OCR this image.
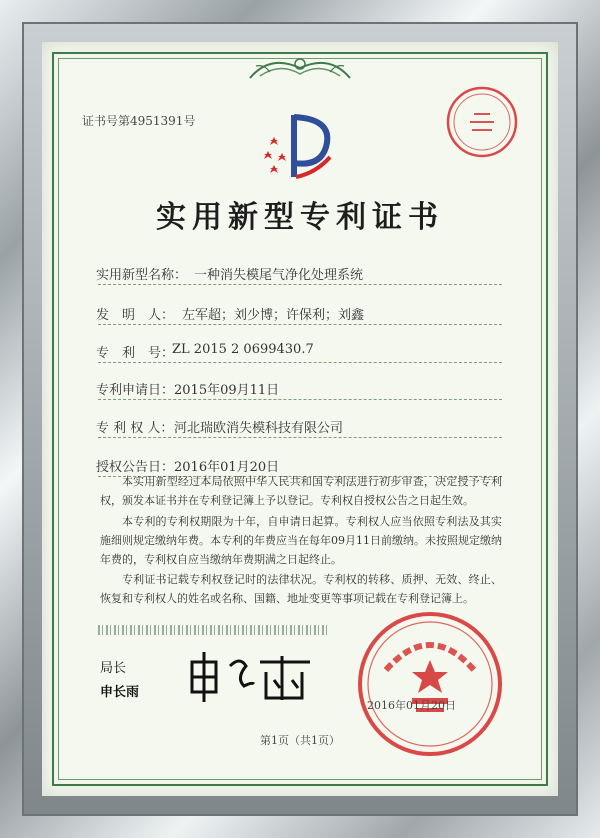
证书号第4951391号
实用新型专利证书
实用新型名称： 一种消失模尾气净化处理系统
发　明　人： 左军超；刘少博；许保利；刘鑫
专　利　号：
ZL 2015 2 0699430.7
专利申请日： 2015年09月11日
专 利 权 人： 河北瑞欧消失模科技有限公司
授权公告日： 2016年01月20日

本实用新型经过本局依照中华人民共和国专利法进行初步审查，决定授予专利权，颁发本证书并在专利登记簿上予以登记。专利权自授权公告之日起生效。

本专利的专利权期限为十年，自申请日起算。专利权人应当依照专利法及其实施细则规定缴纳年费。本专利的年费应当在每年09月11日前缴纳。未按照规定缴纳年费的，专利权自应当缴纳年费期满之日起终止。

专利证书记载专利权登记时的法律状况。专利权的转移、质押、无效、终止、恢复和专利权人的姓名或名称、国籍、地址变更等事项记载在专利登记簿上。

局长
申长雨
2016年01月20日
第1页（共1页）
